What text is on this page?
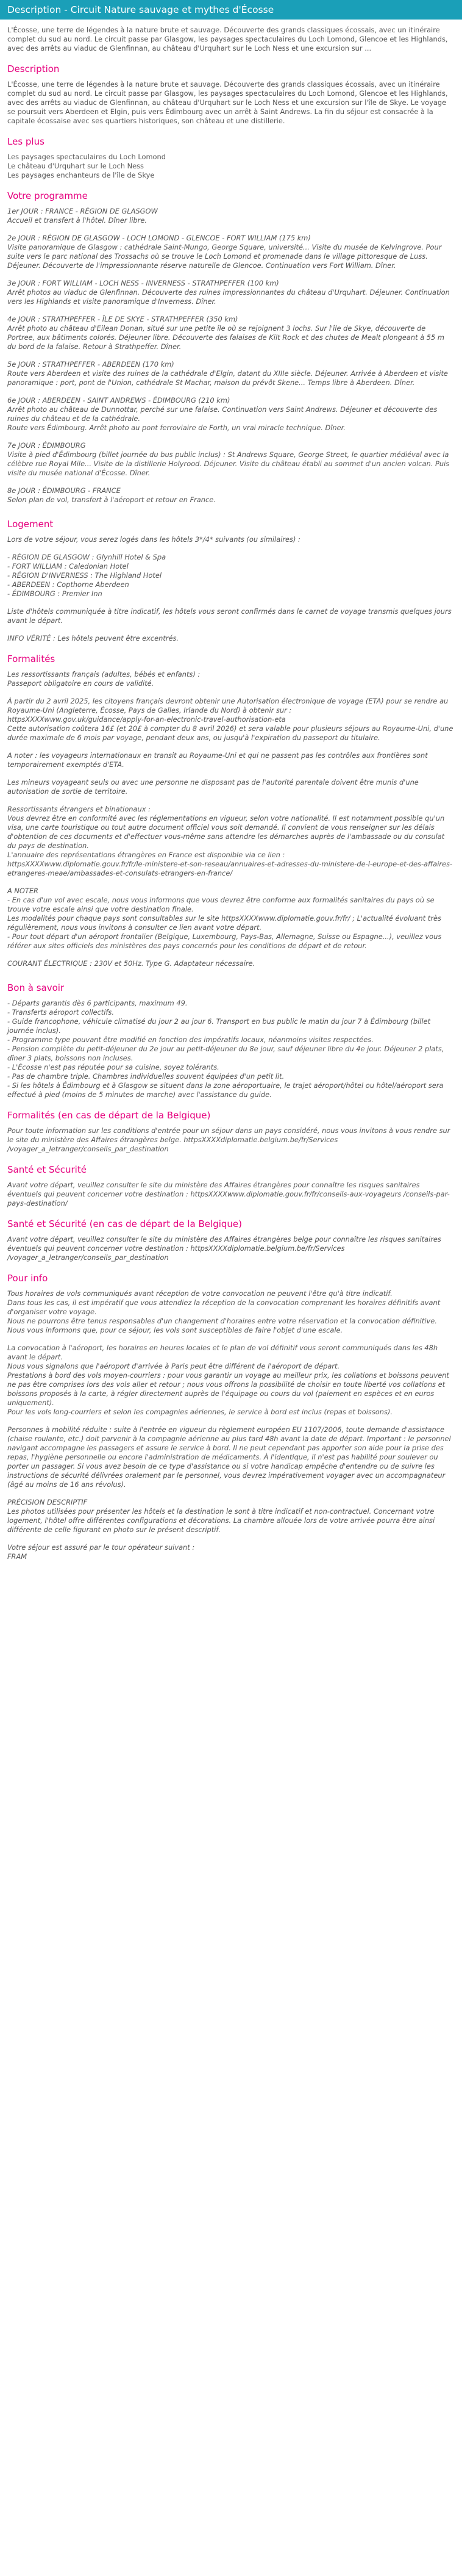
Description - Circuit Nature sauvage et mythes d'Écosse

L'Écosse, une terre de légendes à la nature brute et sauvage. Découverte des grands classiques écossais, avec un itinéraire complet du sud au nord. Le circuit passe par Glasgow, les paysages spectaculaires du Loch Lomond, Glencoe et les Highlands, avec des arrêts au viaduc de Glenfinnan, au château d'Urquhart sur le Loch Ness et une excursion sur ...

Description

L'Écosse, une terre de légendes à la nature brute et sauvage. Découverte des grands classiques écossais, avec un itinéraire complet du sud au nord. Le circuit passe par Glasgow, les paysages spectaculaires du Loch Lomond, Glencoe et les Highlands, avec des arrêts au viaduc de Glenfinnan, au château d'Urquhart sur le Loch Ness et une excursion sur l'île de Skye. Le voyage se poursuit vers Aberdeen et Elgin, puis vers Édimbourg avec un arrêt à Saint Andrews. La fin du séjour est consacrée à la capitale écossaise avec ses quartiers historiques, son château et une distillerie.

Les plus

Les paysages spectaculaires du Loch Lomond

Le château d'Urquhart sur le Loch Ness

Les paysages enchanteurs de l'île de Skye

Votre programme

1er JOUR : FRANCE - RÉGION DE GLASGOW

Accueil et transfert à l'hôtel. Dîner libre.

2e JOUR : RÉGION DE GLASGOW - LOCH LOMOND - GLENCOE - FORT WILLIAM (175 km)

Visite panoramique de Glasgow : cathédrale Saint-Mungo, George Square, université... Visite du musée de Kelvingrove. Pour suite vers le parc national des Trossachs où se trouve le Loch Lomond et promenade dans le village pittoresque de Luss. Déjeuner. Découverte de l'impressionnante réserve naturelle de Glencoe. Continuation vers Fort William. Dîner.

3e JOUR : FORT WILLIAM - LOCH NESS - INVERNESS - STRATHPEFFER (100 km)

Arrêt photos au viaduc de Glenfinnan. Découverte des ruines impressionnantes du château d'Urquhart. Déjeuner. Continuation vers les Highlands et visite panoramique d'Inverness. Dîner.

4e JOUR : STRATHPEFFER - ÎLE DE SKYE - STRATHPEFFER (350 km)

Arrêt photo au château d'Eilean Donan, situé sur une petite île où se rejoignent 3 lochs. Sur l'île de Skye, découverte de Portree, aux bâtiments colorés. Déjeuner libre. Découverte des falaises de Kilt Rock et des chutes de Mealt plongeant à 55 m du bord de la falaise. Retour à Strathpeffer. Dîner.

5e JOUR : STRATHPEFFER - ABERDEEN (170 km)

Route vers Aberdeen et visite des ruines de la cathédrale d'Elgin, datant du XIIIe siècle. Déjeuner. Arrivée à Aberdeen et visite panoramique : port, pont de l'Union, cathédrale St Machar, maison du prévôt Skene... Temps libre à Aberdeen. Dîner.

6e JOUR : ABERDEEN - SAINT ANDREWS - ÉDIMBOURG (210 km)

Arrêt photo au château de Dunnottar, perché sur une falaise. Continuation vers Saint Andrews. Déjeuner et découverte des ruines du château et de la cathédrale.

Route vers Édimbourg. Arrêt photo au pont ferroviaire de Forth, un vrai miracle technique. Dîner.

7e JOUR : ÉDIMBOURG

Visite à pied d'Édimbourg (billet journée du bus public inclus) : St Andrews Square, George Street, le quartier médiéval avec la célèbre rue Royal Mile... Visite de la distillerie Holyrood. Déjeuner. Visite du château établi au sommet d'un ancien volcan. Puis visite du musée national d'Écosse. Dîner.

8e JOUR : ÉDIMBOURG - FRANCE

Selon plan de vol, transfert à l'aéroport et retour en France.

Logement

Lors de votre séjour, vous serez logés dans les hôtels 3*/4* suivants (ou similaires) :

- RÉGION DE GLASGOW : Glynhill Hotel & Spa

- FORT WILLIAM : Caledonian Hotel

- RÉGION D'INVERNESS : The Highland Hotel

- ABERDEEN : Copthorne Aberdeen

- ÉDIMBOURG : Premier Inn

Liste d'hôtels communiquée à titre indicatif, les hôtels vous seront confirmés dans le carnet de voyage transmis quelques jours avant le départ.

INFO VÉRITÉ : Les hôtels peuvent être excentrés.

Formalités

Les ressortissants français (adultes, bébés et enfants) :
Passeport obligatoire en cours de validité.

À partir du 2 avril 2025, les citoyens français devront obtenir une Autorisation électronique de voyage (ETA) pour se rendre au Royaume-Uni (Angleterre, Écosse, Pays de Galles, Irlande du Nord) à obtenir sur :
httpsXXXXwww.gov.uk/guidance/apply-for-an-electronic-travel-authorisation-eta
Cette autorisation coûtera 16£ (et 20£ à compter du 8 avril 2026) et sera valable pour plusieurs séjours au Royaume-Uni, d'une durée maximale de 6 mois par voyage, pendant deux ans, ou jusqu'à l'expiration du passeport du titulaire.

A noter : les voyageurs internationaux en transit au Royaume-Uni et qui ne passent pas les contrôles aux frontières sont temporairement exemptés d'ETA.

Les mineurs voyageant seuls ou avec une personne ne disposant pas de l'autorité parentale doivent être munis d'une autorisation de sortie de territoire.

Ressortissants étrangers et binationaux :
Vous devrez être en conformité avec les réglementations en vigueur, selon votre nationalité. Il est notamment possible qu'un visa, une carte touristique ou tout autre document officiel vous soit demandé. Il convient de vous renseigner sur les délais d'obtention de ces documents et d'effectuer vous-même sans attendre les démarches auprès de l'ambassade ou du consulat du pays de destination.
L'annuaire des représentations étrangères en France est disponible via ce lien :
httpsXXXXwww.diplomatie.gouv.fr/fr/le-ministere-et-son-reseau/annuaires-et-adresses-du-ministere-de-l-europe-et-des-affaires-etrangeres-meae/ambassades-et-consulats-etrangers-en-france/

A NOTER
- En cas d'un vol avec escale, nous vous informons que vous devrez être conforme aux formalités sanitaires du pays où se trouve votre escale ainsi que votre destination finale.
Les modalités pour chaque pays sont consultables sur le site httpsXXXXwww.diplomatie.gouv.fr/fr/ ; L'actualité évoluant très régulièrement, nous vous invitons à consulter ce lien avant votre départ.
- Pour tout départ d'un aéroport frontalier (Belgique, Luxembourg, Pays-Bas, Allemagne, Suisse ou Espagne...), veuillez vous référer aux sites officiels des ministères des pays concernés pour les conditions de départ et de retour.

COURANT ÉLECTRIQUE : 230V et 50Hz. Type G. Adaptateur nécessaire.

Bon à savoir

- Départs garantis dès 6 participants, maximum 49.
- Transferts aéroport collectifs.
- Guide francophone, véhicule climatisé du jour 2 au jour 6. Transport en bus public le matin du jour 7 à Édimbourg (billet journée inclus).
- Programme type pouvant être modifié en fonction des impératifs locaux, néanmoins visites respectées.
- Pension complète du petit-déjeuner du 2e jour au petit-déjeuner du 8e jour, sauf déjeuner libre du 4e jour. Déjeuner 2 plats, dîner 3 plats, boissons non incluses.
- L'Écosse n'est pas réputée pour sa cuisine, soyez tolérants.
- Pas de chambre triple. Chambres individuelles souvent équipées d'un petit lit.
- Si les hôtels à Édimbourg et à Glasgow se situent dans la zone aéroportuaire, le trajet aéroport/hôtel ou hôtel/aéroport sera effectué à pied (moins de 5 minutes de marche) avec l'assistance du guide.

Formalités (en cas de départ de la Belgique)

Pour toute information sur les conditions d'entrée pour un séjour dans un pays considéré, nous vous invitons à vous rendre sur le site du ministère des Affaires étrangères belge. httpsXXXXdiplomatie.belgium.be/fr/Services /voyager_a_letranger/conseils_par_destination

Santé et Sécurité

Avant votre départ, veuillez consulter le site du ministère des Affaires étrangères pour connaître les risques sanitaires éventuels qui peuvent concerner votre destination : httpsXXXXwww.diplomatie.gouv.fr/fr/conseils-aux-voyageurs /conseils-par-pays-destination/

Santé et Sécurité (en cas de départ de la Belgique)

Avant votre départ, veuillez consulter le site du ministère des Affaires étrangères belge pour connaître les risques sanitaires éventuels qui peuvent concerner votre destination : httpsXXXXdiplomatie.belgium.be/fr/Services /voyager_a_letranger/conseils_par_destination

Pour info

Tous horaires de vols communiqués avant réception de votre convocation ne peuvent l'être qu'à titre indicatif.
Dans tous les cas, il est impératif que vous attendiez la réception de la convocation comprenant les horaires définitifs avant d'organiser votre voyage.
Nous ne pourrons être tenus responsables d'un changement d'horaires entre votre réservation et la convocation définitive.
Nous vous informons que, pour ce séjour, les vols sont susceptibles de faire l'objet d'une escale.

La convocation à l'aéroport, les horaires en heures locales et le plan de vol définitif vous seront communiqués dans les 48h avant le départ.
Nous vous signalons que l'aéroport d'arrivée à Paris peut être différent de l'aéroport de départ.
Prestations à bord des vols moyen-courriers : pour vous garantir un voyage au meilleur prix, les collations et boissons peuvent ne pas être comprises lors des vols aller et retour ; nous vous offrons la possibilité de choisir en toute liberté vos collations et boissons proposés à la carte, à régler directement auprès de l'équipage ou cours du vol (paiement en espèces et en euros uniquement).
Pour les vols long-courriers et selon les compagnies aériennes, le service à bord est inclus (repas et boissons).

Personnes à mobilité réduite : suite à l'entrée en vigueur du règlement européen EU 1107/2006, toute demande d'assistance (chaise roulante, etc.) doit parvenir à la compagnie aérienne au plus tard 48h avant la date de départ. Important : le personnel navigant accompagne les passagers et assure le service à bord. Il ne peut cependant pas apporter son aide pour la prise des repas, l'hygiène personnelle ou encore l'administration de médicaments. À l'identique, il n'est pas habilité pour soulever ou porter un passager. Si vous avez besoin de ce type d'assistance ou si votre handicap empêche d'entendre ou de suivre les instructions de sécurité délivrées oralement par le personnel, vous devrez impérativement voyager avec un accompagnateur (âgé au moins de 16 ans révolus).

PRÉCISION DESCRIPTIF
Les photos utilisées pour présenter les hôtels et la destination le sont à titre indicatif et non-contractuel. Concernant votre logement, l'hôtel offre différentes configurations et décorations. La chambre allouée lors de votre arrivée pourra être ainsi différente de celle figurant en photo sur le présent descriptif.

Votre séjour est assuré par le tour opérateur suivant :
FRAM
